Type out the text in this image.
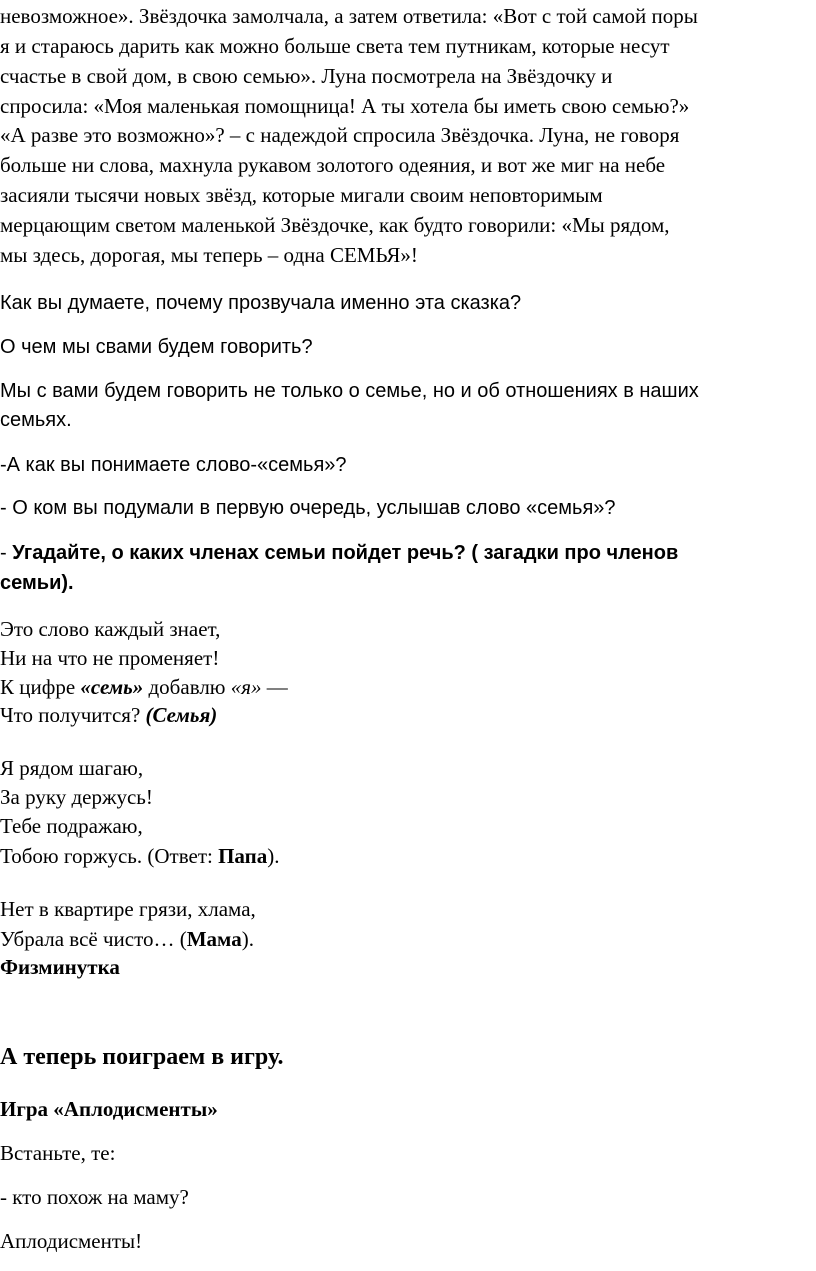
невозможное». Звёздочка замолчала, а затем ответила: «Вот с той самой поры

я и стараюсь дарить как можно больше света тем путникам, которые несут

счастье в свой дом, в свою семью». Луна посмотрела на Звёздочку и

спросила: «Моя маленькая помощница! А ты хотела бы иметь свою семью?»

«А разве это возможно»? – с надеждой спросила Звёздочка. Луна, не говоря

больше ни слова, махнула рукавом золотого одеяния, и вот же миг на небе

засияли тысячи новых звёзд, которые мигали своим неповторимым

мерцающим светом маленькой Звёздочке, как будто говорили: «Мы рядом,

мы здесь, дорогая, мы теперь – одна СЕМЬЯ»!

Как вы думаете, почему прозвучала именно эта сказка?

О чем мы свами будем говорить?

Мы с вами будем говорить не только о семье, но и об отношениях в наших

семьях.

-А как вы понимаете слово-«семья»?

- О ком вы подумали в первую очередь, услышав слово «семья»?

- Угадайте, о каких членах семьи пойдет речь? ( загадки про членов

семьи).

Это слово каждый знает,

Ни на что не променяет!

К цифре «семь» добавлю «я» —

Что получится? (Семья)

Я рядом шагаю,

За руку держусь!

Тебе подражаю,

Тобою горжусь. (Ответ: Папа).

Нет в квартире грязи, хлама,

Убрала всё чисто… (Мама).

Физминутка

А теперь поиграем в игру.

Игра «Аплодисменты»

Встаньте, те:

- кто похож на маму?

Аплодисменты!
